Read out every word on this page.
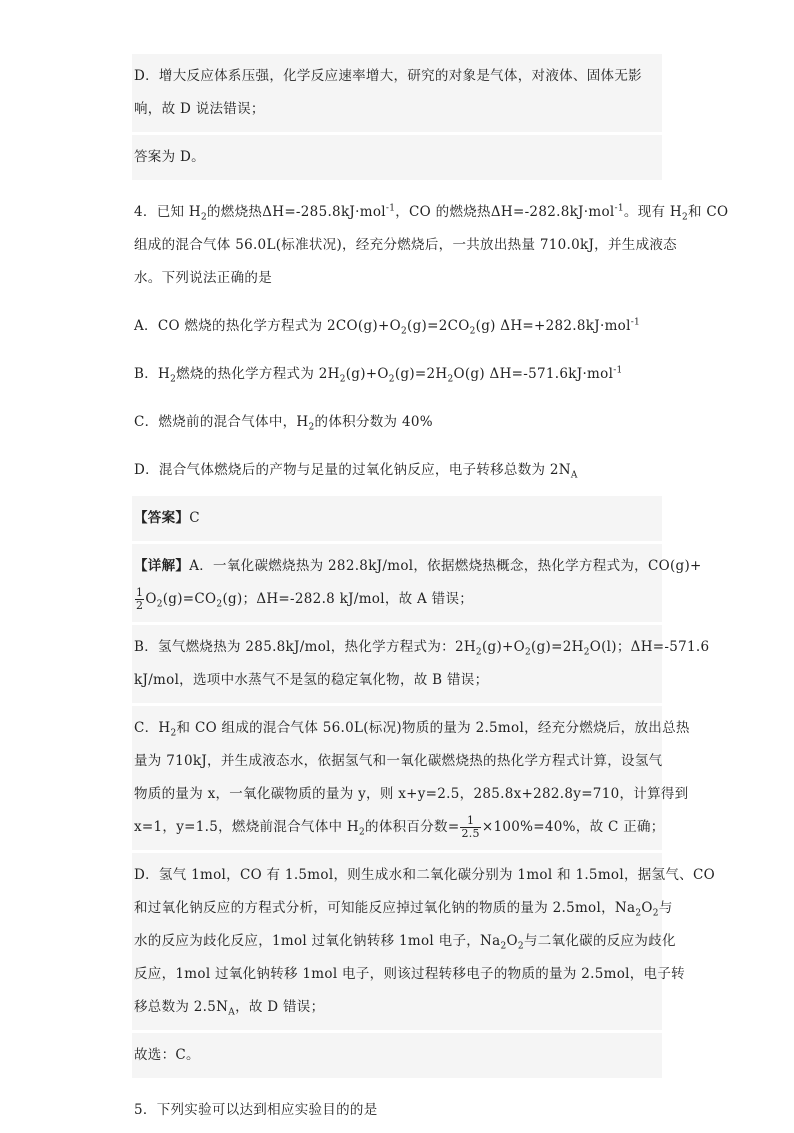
D．增大反应体系压强，化学反应速率增大，研究的对象是气体，对液体、固体无影
响，故 D 说法错误；
答案为 D。
4．已知 $H_2$的燃烧热ΔH=-285.8kJ·mol$^{-1}$，CO 的燃烧热ΔH=-282.8kJ·mol$^{-1}$。现有 $H_2$和 CO
组成的混合气体 56.0L(标准状况)，经充分燃烧后，一共放出热量 710.0kJ，并生成液态
水。下列说法正确的是
A．CO 燃烧的热化学方程式为 $2CO(g)+O_2(g)=2CO_2(g)$ ΔH=+282.8kJ·mol$^{-1}$
B．$H_2$燃烧的热化学方程式为 $2H_2(g)+O_2(g)=2H_2O(g)$ ΔH=-571.6kJ·mol$^{-1}$
C．燃烧前的混合气体中，$H_2$的体积分数为 40%
D．混合气体燃烧后的产物与足量的过氧化钠反应，电子转移总数为 $2N_A$
【答案】C
【详解】A．一氧化碳燃烧热为 282.8kJ/mol，依据燃烧热概念，热化学方程式为，CO(g)+
$\frac{1}{2} O_2(g)=CO_2(g)$；ΔH=-282.8 kJ/mol，故 A 错误；
B．氢气燃烧热为 285.8kJ/mol，热化学方程式为：$2H_2(g)+O_2(g)=2H_2O(l)$；ΔH=-571.6
kJ/mol，选项中水蒸气不是氢的稳定氧化物，故 B 错误；
C．$H_2$和 CO 组成的混合气体 56.0L(标况)物质的量为 2.5mol，经充分燃烧后，放出总热
量为 710kJ，并生成液态水，依据氢气和一氧化碳燃烧热的热化学方程式计算，设氢气
物质的量为 x，一氧化碳物质的量为 y，则 x+y=2.5，285.8x+282.8y=710，计算得到
x=1，y=1.5，燃烧前混合气体中 $H_2$的体积百分数= $\frac{1}{2.5} \times 100\%=40\%$，故 C 正确；
D．氢气 1mol，CO 有 1.5mol，则生成水和二氧化碳分别为 1mol 和 1.5mol，据氢气、CO
和过氧化钠反应的方程式分析，可知能反应掉过氧化钠的物质的量为 2.5mol，$Na_2O_2$与
水的反应为歧化反应，1mol 过氧化钠转移 1mol 电子，$Na_2O_2$与二氧化碳的反应为歧化
反应，1mol 过氧化钠转移 1mol 电子，则该过程转移电子的物质的量为 2.5mol，电子转
移总数为 $2.5N_A$，故 D 错误；
故选：C。
5．下列实验可以达到相应实验目的的是
